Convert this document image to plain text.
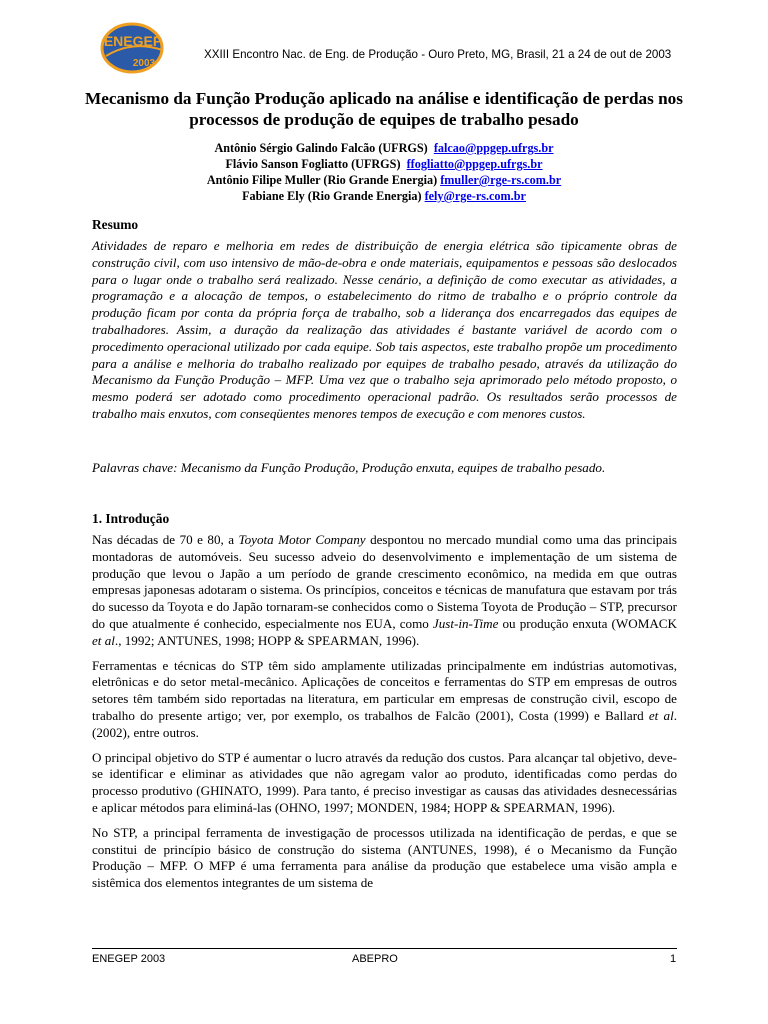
ENEGEP
2003
XXIII Encontro Nac. de Eng. de Produção - Ouro Preto, MG, Brasil, 21 a 24 de out de 2003
Mecanismo da Função Produção aplicado na análise e identificação de perdas nos processos de produção de equipes de trabalho pesado
Antônio Sérgio Galindo Falcão (UFRGS) falcao@ppgep.ufrgs.br
Flávio Sanson Fogliatto (UFRGS) ffogliatto@ppgep.ufrgs.br
Antônio Filipe Muller (Rio Grande Energia) fmuller@rge-rs.com.br
Fabiane Ely (Rio Grande Energia) fely@rge-rs.com.br
Resumo

Atividades de reparo e melhoria em redes de distribuição de energia elétrica são tipicamente obras de construção civil, com uso intensivo de mão-de-obra e onde materiais, equipamentos e pessoas são deslocados para o lugar onde o trabalho será realizado. Nesse cenário, a definição de como executar as atividades, a programação e a alocação de tempos, o estabelecimento do ritmo de trabalho e o próprio controle da produção ficam por conta da própria força de trabalho, sob a liderança dos encarregados das equipes de trabalhadores. Assim, a duração da realização das atividades é bastante variável de acordo com o procedimento operacional utilizado por cada equipe. Sob tais aspectos, este trabalho propõe um procedimento para a análise e melhoria do trabalho realizado por equipes de trabalho pesado, através da utilização do Mecanismo da Função Produção – MFP. Uma vez que o trabalho seja aprimorado pelo método proposto, o mesmo poderá ser adotado como procedimento operacional padrão. Os resultados serão processos de trabalho mais enxutos, com conseqüentes menores tempos de execução e com menores custos.

Palavras chave: Mecanismo da Função Produção, Produção enxuta, equipes de trabalho pesado.

1. Introdução

Nas décadas de 70 e 80, a Toyota Motor Company despontou no mercado mundial como uma das principais montadoras de automóveis. Seu sucesso adveio do desenvolvimento e implementação de um sistema de produção que levou o Japão a um período de grande crescimento econômico, na medida em que outras empresas japonesas adotaram o sistema. Os princípios, conceitos e técnicas de manufatura que estavam por trás do sucesso da Toyota e do Japão tornaram-se conhecidos como o Sistema Toyota de Produção – STP, precursor do que atualmente é conhecido, especialmente nos EUA, como Just-in-Time ou produção enxuta (WOMACK et al., 1992; ANTUNES, 1998; HOPP & SPEARMAN, 1996).

Ferramentas e técnicas do STP têm sido amplamente utilizadas principalmente em indústrias automotivas, eletrônicas e do setor metal-mecânico. Aplicações de conceitos e ferramentas do STP em empresas de outros setores têm também sido reportadas na literatura, em particular em empresas de construção civil, escopo de trabalho do presente artigo; ver, por exemplo, os trabalhos de Falcão (2001), Costa (1999) e Ballard et al. (2002), entre outros.

O principal objetivo do STP é aumentar o lucro através da redução dos custos. Para alcançar tal objetivo, deve-se identificar e eliminar as atividades que não agregam valor ao produto, identificadas como perdas do processo produtivo (GHINATO, 1999). Para tanto, é preciso investigar as causas das atividades desnecessárias e aplicar métodos para eliminá-las (OHNO, 1997; MONDEN, 1984; HOPP & SPEARMAN, 1996).

No STP, a principal ferramenta de investigação de processos utilizada na identificação de perdas, e que se constitui de princípio básico de construção do sistema (ANTUNES, 1998), é o Mecanismo da Função Produção – MFP. O MFP é uma ferramenta para análise da produção que estabelece uma visão ampla e sistêmica dos elementos integrantes de um sistema de

ENEGEP 2003	ABEPRO	1
